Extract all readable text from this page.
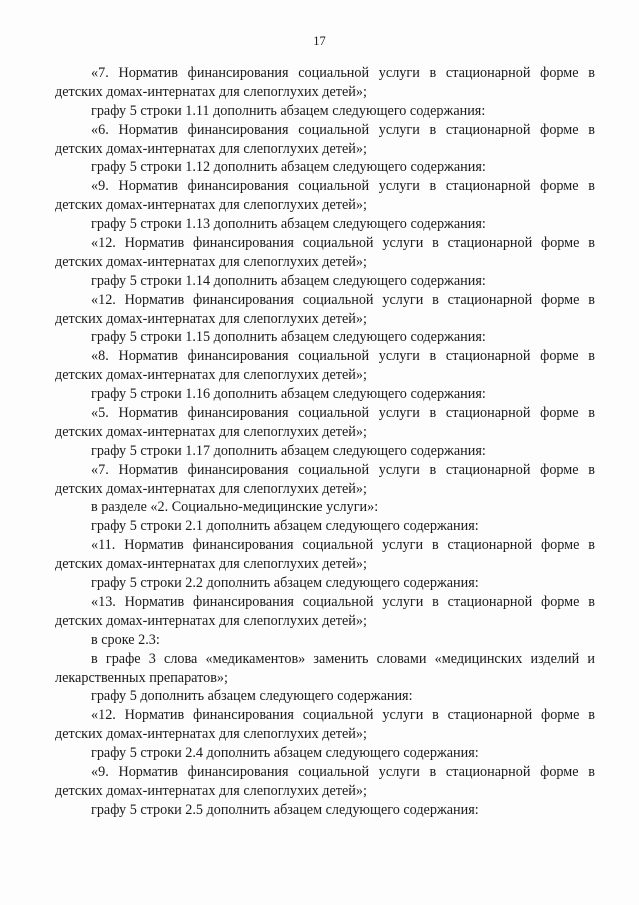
17
«7. Норматив финансирования социальной услуги в стационарной форме в
детских домах-интернатах для слепоглухих детей»;
графу 5 строки 1.11 дополнить абзацем следующего содержания:
«6. Норматив финансирования социальной услуги в стационарной форме в
детских домах-интернатах для слепоглухих детей»;
графу 5 строки 1.12 дополнить абзацем следующего содержания:
«9. Норматив финансирования социальной услуги в стационарной форме в
детских домах-интернатах для слепоглухих детей»;
графу 5 строки 1.13 дополнить абзацем следующего содержания:
«12. Норматив финансирования социальной услуги в стационарной форме в
детских домах-интернатах для слепоглухих детей»;
графу 5 строки 1.14 дополнить абзацем следующего содержания:
«12. Норматив финансирования социальной услуги в стационарной форме в
детских домах-интернатах для слепоглухих детей»;
графу 5 строки 1.15 дополнить абзацем следующего содержания:
«8. Норматив финансирования социальной услуги в стационарной форме в
детских домах-интернатах для слепоглухих детей»;
графу 5 строки 1.16 дополнить абзацем следующего содержания:
«5. Норматив финансирования социальной услуги в стационарной форме в
детских домах-интернатах для слепоглухих детей»;
графу 5 строки 1.17 дополнить абзацем следующего содержания:
«7. Норматив финансирования социальной услуги в стационарной форме в
детских домах-интернатах для слепоглухих детей»;
в разделе «2. Социально-медицинские услуги»:
графу 5 строки 2.1 дополнить абзацем следующего содержания:
«11. Норматив финансирования социальной услуги в стационарной форме в
детских домах-интернатах для слепоглухих детей»;
графу 5 строки 2.2 дополнить абзацем следующего содержания:
«13. Норматив финансирования социальной услуги в стационарной форме в
детских домах-интернатах для слепоглухих детей»;
в сроке 2.3:
в графе 3 слова «медикаментов» заменить словами «медицинских изделий и
лекарственных препаратов»;
графу 5 дополнить абзацем следующего содержания:
«12. Норматив финансирования социальной услуги в стационарной форме в
детских домах-интернатах для слепоглухих детей»;
графу 5 строки 2.4 дополнить абзацем следующего содержания:
«9. Норматив финансирования социальной услуги в стационарной форме в
детских домах-интернатах для слепоглухих детей»;
графу 5 строки 2.5 дополнить абзацем следующего содержания:
